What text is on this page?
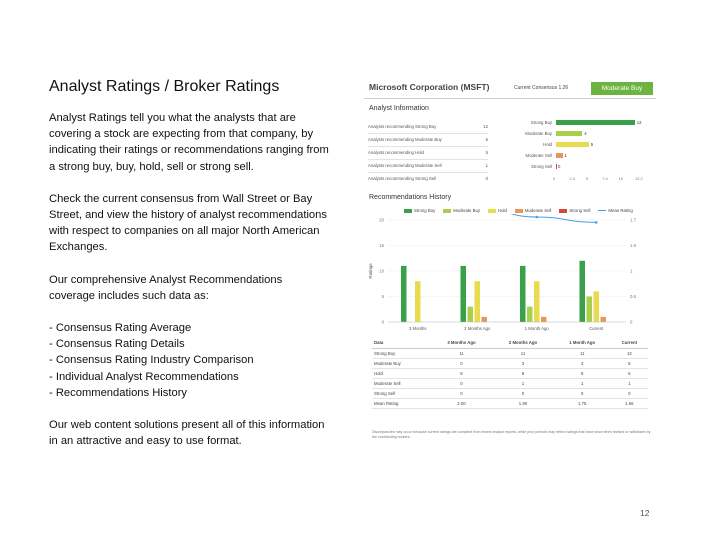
Analyst Ratings / Broker Ratings

Analyst Ratings tell you what the analysts that are covering a stock are expecting from that company, by indicating their ratings or recommendations ranging from a strong buy, buy, hold, sell or strong sell.

Check the current consensus from Wall Street or Bay Street, and view the history of analyst recommendations with respect to companies on all major North American Exchanges.

Our comprehensive Analyst Recommendations coverage includes such data as:

- Consensus Rating Average
- Consensus Rating Details
- Consensus Rating Industry Comparison
- Individual Analyst Recommendations
- Recommendations History

Our web content solutions present all of this information in an attractive and easy to use format.

Microsoft Corporation (MSFT)	Current Consensus 1.26	Moderate Buy
Analyst Information
Analysts recommending Strong Buy	12
Analysts recommending Moderate Buy	5
Analysts recommending Hold	5
Analysts recommending Moderate Sell	1
Analysts recommending Strong Sell	0
Strong Buy	12
Moderate Buy	4
Hold	5
Moderate Sell	1
Strong Sell 0
0	2.4	5	7.4	10	12.2
Recommendations History
Strong Buy	Moderate Buy	Hold	Moderate Sell	Strong Sell	Mean Rating
0
5
10
15
20
0
0.5
1
1.5
1.7
Ratings
3 Months	2 Months Ago	1 Month Ago	Current
Data	3 Months Ago	2 Months Ago	1 Month Ago	Current
Strong Buy	11	11	11	12
Moderate Buy	0	3	3	5
Hold	8	8	8	6
Moderate Sell	0	1	1	1
Strong Sell	0	0	0	0
Mean Rating	2.00	1.90	1.75	1.66
Discrepancies may occur because current ratings are compiled from recent analyst reports, while prior periods may reflect ratings that have since been revised or withdrawn by the contributing brokers.
12
